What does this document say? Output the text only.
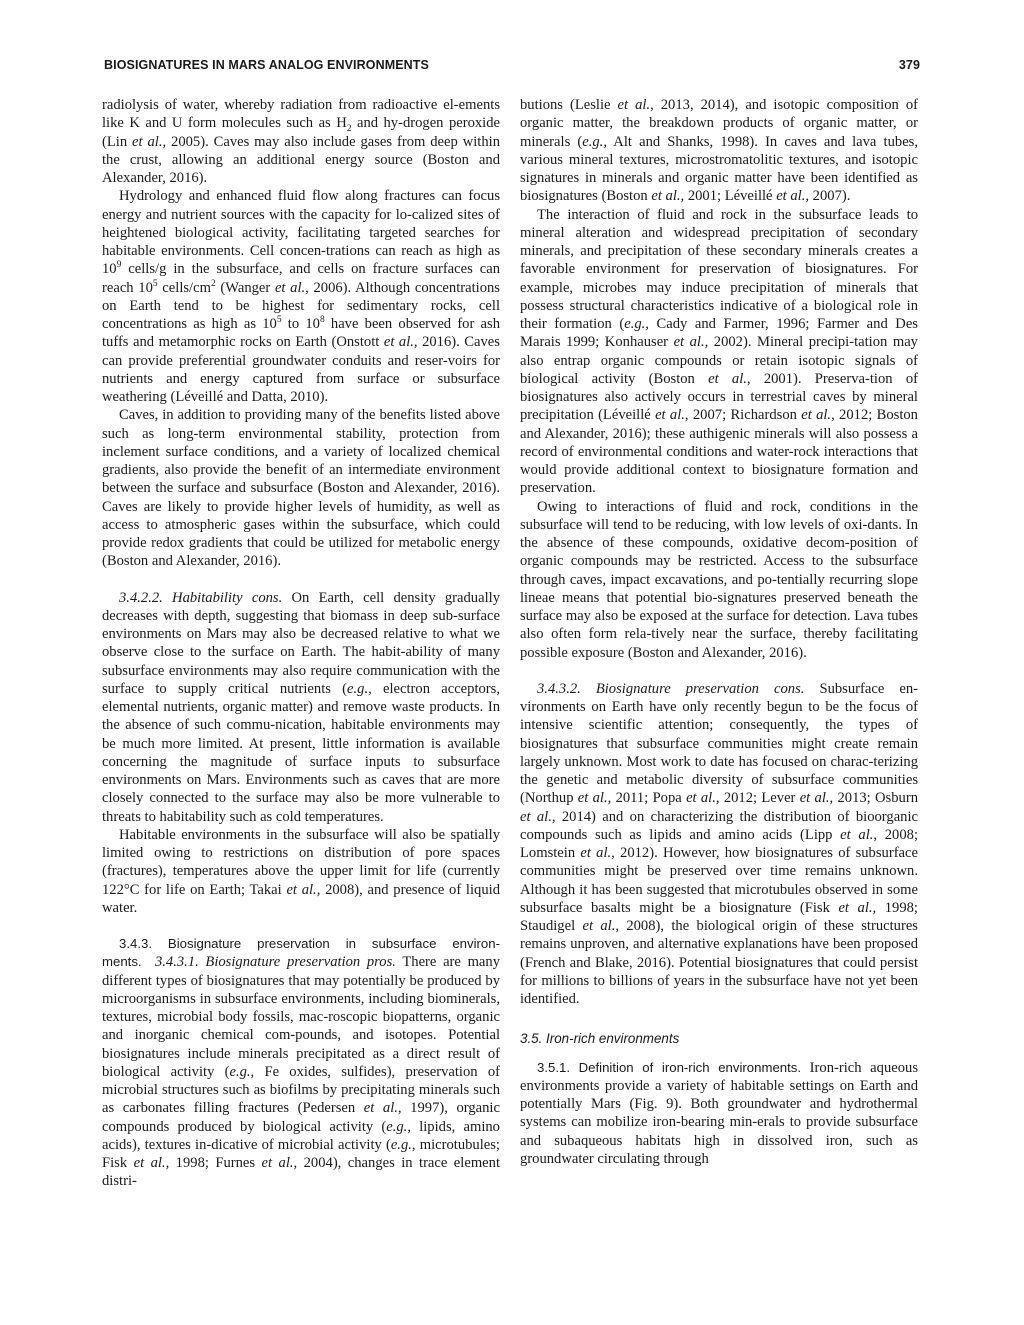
BIOSIGNATURES IN MARS ANALOG ENVIRONMENTS	379

radiolysis of water, whereby radiation from radioactive el-ements like K and U form molecules such as $H_2$ and hy-drogen peroxide (Lin et al., 2005). Caves may also include gases from deep within the crust, allowing an additional energy source (Boston and Alexander, 2016).

Hydrology and enhanced fluid flow along fractures can focus energy and nutrient sources with the capacity for lo-calized sites of heightened biological activity, facilitating targeted searches for habitable environments. Cell concen-trations can reach as high as $10^9$ cells/g in the subsurface, and cells on fracture surfaces can reach $10^5$ cells/$cm^2$ (Wanger et al., 2006). Although concentrations on Earth tend to be highest for sedimentary rocks, cell concentrations as high as $10^5$ to $10^8$ have been observed for ash tuffs and metamorphic rocks on Earth (Onstott et al., 2016). Caves can provide preferential groundwater conduits and reser-voirs for nutrients and energy captured from surface or subsurface weathering (Léveillé and Datta, 2010).

Caves, in addition to providing many of the benefits listed above such as long-term environmental stability, protection from inclement surface conditions, and a variety of localized chemical gradients, also provide the benefit of an intermediate environment between the surface and subsurface (Boston and Alexander, 2016). Caves are likely to provide higher levels of humidity, as well as access to atmospheric gases within the subsurface, which could provide redox gradients that could be utilized for metabolic energy (Boston and Alexander, 2016).

3.4.2.2. Habitability cons. On Earth, cell density gradually decreases with depth, suggesting that biomass in deep sub-surface environments on Mars may also be decreased relative to what we observe close to the surface on Earth. The habit-ability of many subsurface environments may also require communication with the surface to supply critical nutrients (e.g., electron acceptors, elemental nutrients, organic matter) and remove waste products. In the absence of such commu-nication, habitable environments may be much more limited. At present, little information is available concerning the magnitude of surface inputs to subsurface environments on Mars. Environments such as caves that are more closely connected to the surface may also be more vulnerable to threats to habitability such as cold temperatures.

Habitable environments in the subsurface will also be spatially limited owing to restrictions on distribution of pore spaces (fractures), temperatures above the upper limit for life (currently 122°C for life on Earth; Takai et al., 2008), and presence of liquid water.

3.4.3. Biosignature preservation in subsurface environ-ments. 3.4.3.1. Biosignature preservation pros. There are many different types of biosignatures that may potentially be produced by microorganisms in subsurface environments, including biominerals, textures, microbial body fossils, mac-roscopic biopatterns, organic and inorganic chemical com-pounds, and isotopes. Potential biosignatures include minerals precipitated as a direct result of biological activity (e.g., Fe oxides, sulfides), preservation of microbial structures such as biofilms by precipitating minerals such as carbonates filling fractures (Pedersen et al., 1997), organic compounds produced by biological activity (e.g., lipids, amino acids), textures in-dicative of microbial activity (e.g., microtubules; Fisk et al., 1998; Furnes et al., 2004), changes in trace element distri-

butions (Leslie et al., 2013, 2014), and isotopic composition of organic matter, the breakdown products of organic matter, or minerals (e.g., Alt and Shanks, 1998). In caves and lava tubes, various mineral textures, microstromatolitic textures, and isotopic signatures in minerals and organic matter have been identified as biosignatures (Boston et al., 2001; Léveillé et al., 2007).

The interaction of fluid and rock in the subsurface leads to mineral alteration and widespread precipitation of secondary minerals, and precipitation of these secondary minerals creates a favorable environment for preservation of biosignatures. For example, microbes may induce precipitation of minerals that possess structural characteristics indicative of a biological role in their formation (e.g., Cady and Farmer, 1996; Farmer and Des Marais 1999; Konhauser et al., 2002). Mineral precipi-tation may also entrap organic compounds or retain isotopic signals of biological activity (Boston et al., 2001). Preserva-tion of biosignatures also actively occurs in terrestrial caves by mineral precipitation (Léveillé et al., 2007; Richardson et al., 2012; Boston and Alexander, 2016); these authigenic minerals will also possess a record of environmental conditions and water-rock interactions that would provide additional context to biosignature formation and preservation.

Owing to interactions of fluid and rock, conditions in the subsurface will tend to be reducing, with low levels of oxi-dants. In the absence of these compounds, oxidative decom-position of organic compounds may be restricted. Access to the subsurface through caves, impact excavations, and po-tentially recurring slope lineae means that potential bio-signatures preserved beneath the surface may also be exposed at the surface for detection. Lava tubes also often form rela-tively near the surface, thereby facilitating possible exposure (Boston and Alexander, 2016).

3.4.3.2. Biosignature preservation cons. Subsurface en-vironments on Earth have only recently begun to be the focus of intensive scientific attention; consequently, the types of biosignatures that subsurface communities might create remain largely unknown. Most work to date has focused on charac-terizing the genetic and metabolic diversity of subsurface communities (Northup et al., 2011; Popa et al., 2012; Lever et al., 2013; Osburn et al., 2014) and on characterizing the distribution of bioorganic compounds such as lipids and amino acids (Lipp et al., 2008; Lomstein et al., 2012). However, how biosignatures of subsurface communities might be preserved over time remains unknown. Although it has been suggested that microtubules observed in some subsurface basalts might be a biosignature (Fisk et al., 1998; Staudigel et al., 2008), the biological origin of these structures remains unproven, and alternative explanations have been proposed (French and Blake, 2016). Potential biosignatures that could persist for millions to billions of years in the subsurface have not yet been identified.

3.5. Iron-rich environments

3.5.1. Definition of iron-rich environments. Iron-rich aqueous environments provide a variety of habitable settings on Earth and potentially Mars (Fig. 9). Both groundwater and hydrothermal systems can mobilize iron-bearing min-erals to provide subsurface and subaqueous habitats high in dissolved iron, such as groundwater circulating through
